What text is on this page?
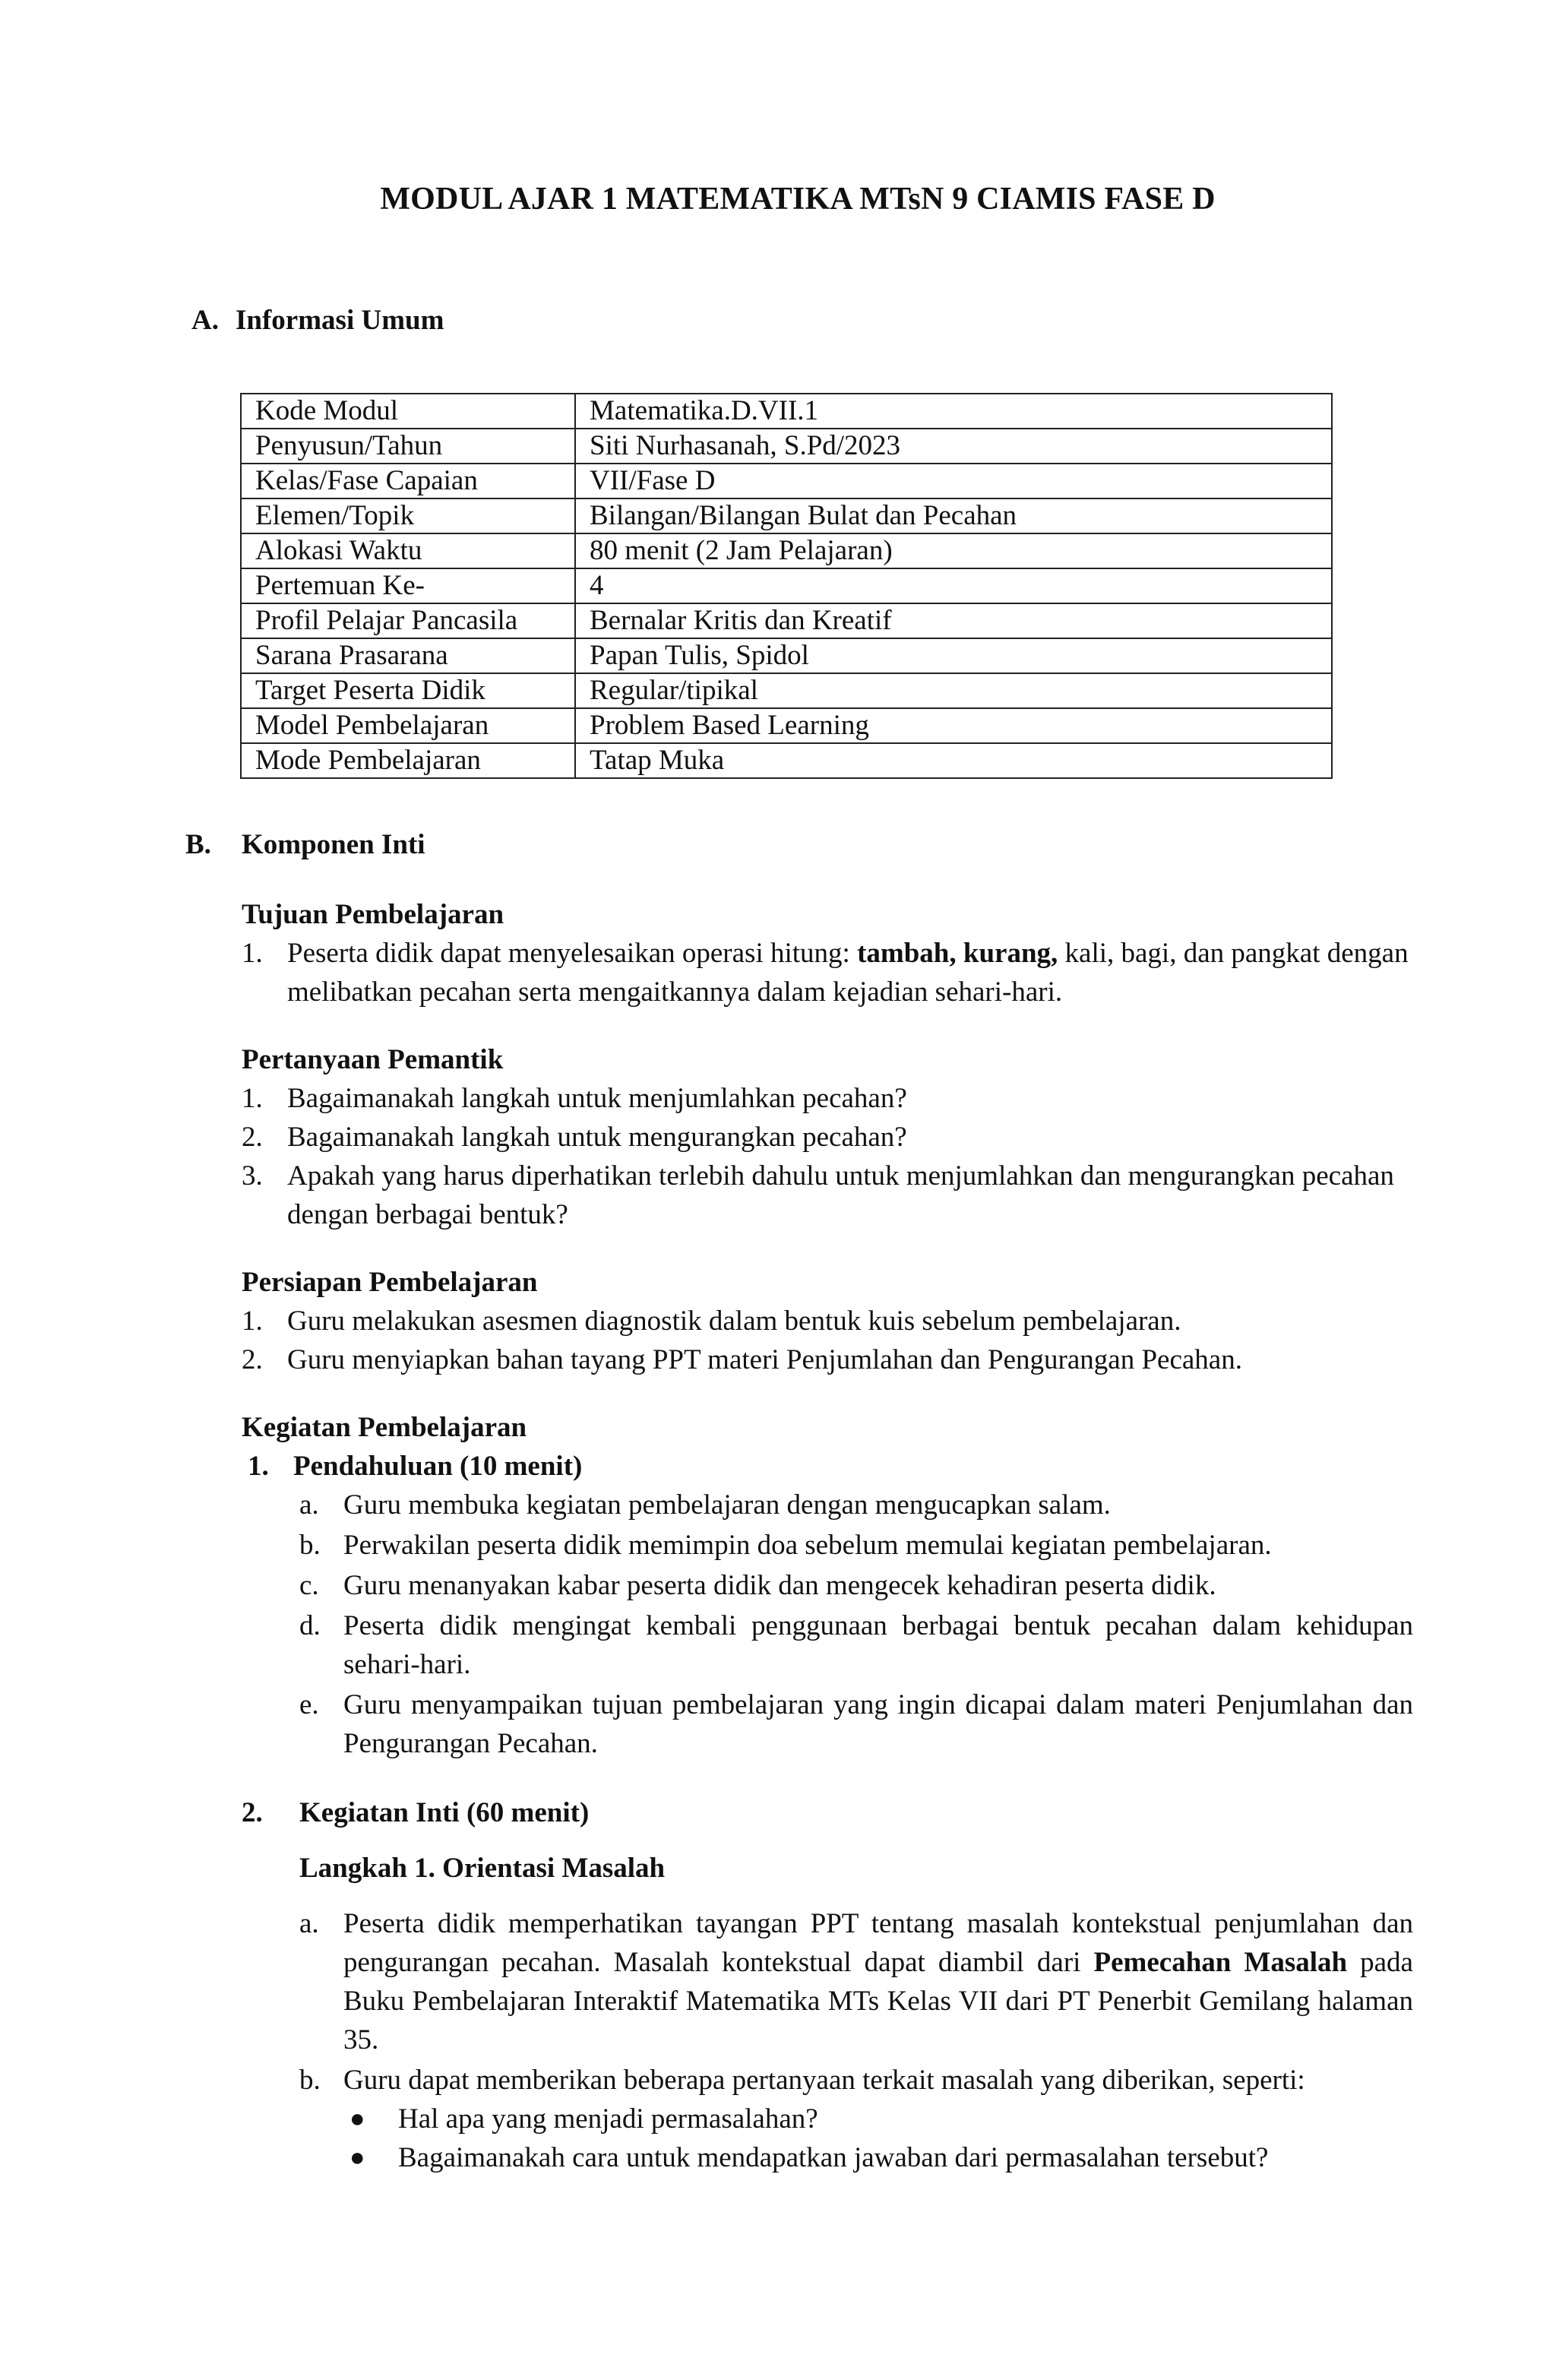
MODUL AJAR 1 MATEMATIKA MTsN 9 CIAMIS FASE D
A. Informasi Umum
Kode Modul	Matematika.D.VII.1
Penyusun/Tahun	Siti Nurhasanah, S.Pd/2023
Kelas/Fase Capaian	VII/Fase D
Elemen/Topik	Bilangan/Bilangan Bulat dan Pecahan
Alokasi Waktu	80 menit (2 Jam Pelajaran)
Pertemuan Ke-	4
Profil Pelajar Pancasila	Bernalar Kritis dan Kreatif
Sarana Prasarana	Papan Tulis, Spidol
Target Peserta Didik	Regular/tipikal
Model Pembelajaran	Problem Based Learning
Mode Pembelajaran	Tatap Muka
B. Komponen Inti
Tujuan Pembelajaran
1. Peserta didik dapat menyelesaikan operasi hitung: tambah, kurang, kali, bagi, dan pangkat dengan melibatkan pecahan serta mengaitkannya dalam kejadian sehari-hari.
Pertanyaan Pemantik
1. Bagaimanakah langkah untuk menjumlahkan pecahan?
2. Bagaimanakah langkah untuk mengurangkan pecahan?
3. Apakah yang harus diperhatikan terlebih dahulu untuk menjumlahkan dan mengurangkan pecahan dengan berbagai bentuk?
Persiapan Pembelajaran
1. Guru melakukan asesmen diagnostik dalam bentuk kuis sebelum pembelajaran.
2. Guru menyiapkan bahan tayang PPT materi Penjumlahan dan Pengurangan Pecahan.
Kegiatan Pembelajaran
1. Pendahuluan (10 menit)
a. Guru membuka kegiatan pembelajaran dengan mengucapkan salam.
b. Perwakilan peserta didik memimpin doa sebelum memulai kegiatan pembelajaran.
c. Guru menanyakan kabar peserta didik dan mengecek kehadiran peserta didik.
d. Peserta didik mengingat kembali penggunaan berbagai bentuk pecahan dalam kehidupan sehari-hari.
e. Guru menyampaikan tujuan pembelajaran yang ingin dicapai dalam materi Penjumlahan dan Pengurangan Pecahan.
2. Kegiatan Inti (60 menit)
Langkah 1. Orientasi Masalah
a. Peserta didik memperhatikan tayangan PPT tentang masalah kontekstual penjumlahan dan pengurangan pecahan. Masalah kontekstual dapat diambil dari Pemecahan Masalah pada Buku Pembelajaran Interaktif Matematika MTs Kelas VII dari PT Penerbit Gemilang halaman 35.
b. Guru dapat memberikan beberapa pertanyaan terkait masalah yang diberikan, seperti:
● Hal apa yang menjadi permasalahan?
● Bagaimanakah cara untuk mendapatkan jawaban dari permasalahan tersebut?
